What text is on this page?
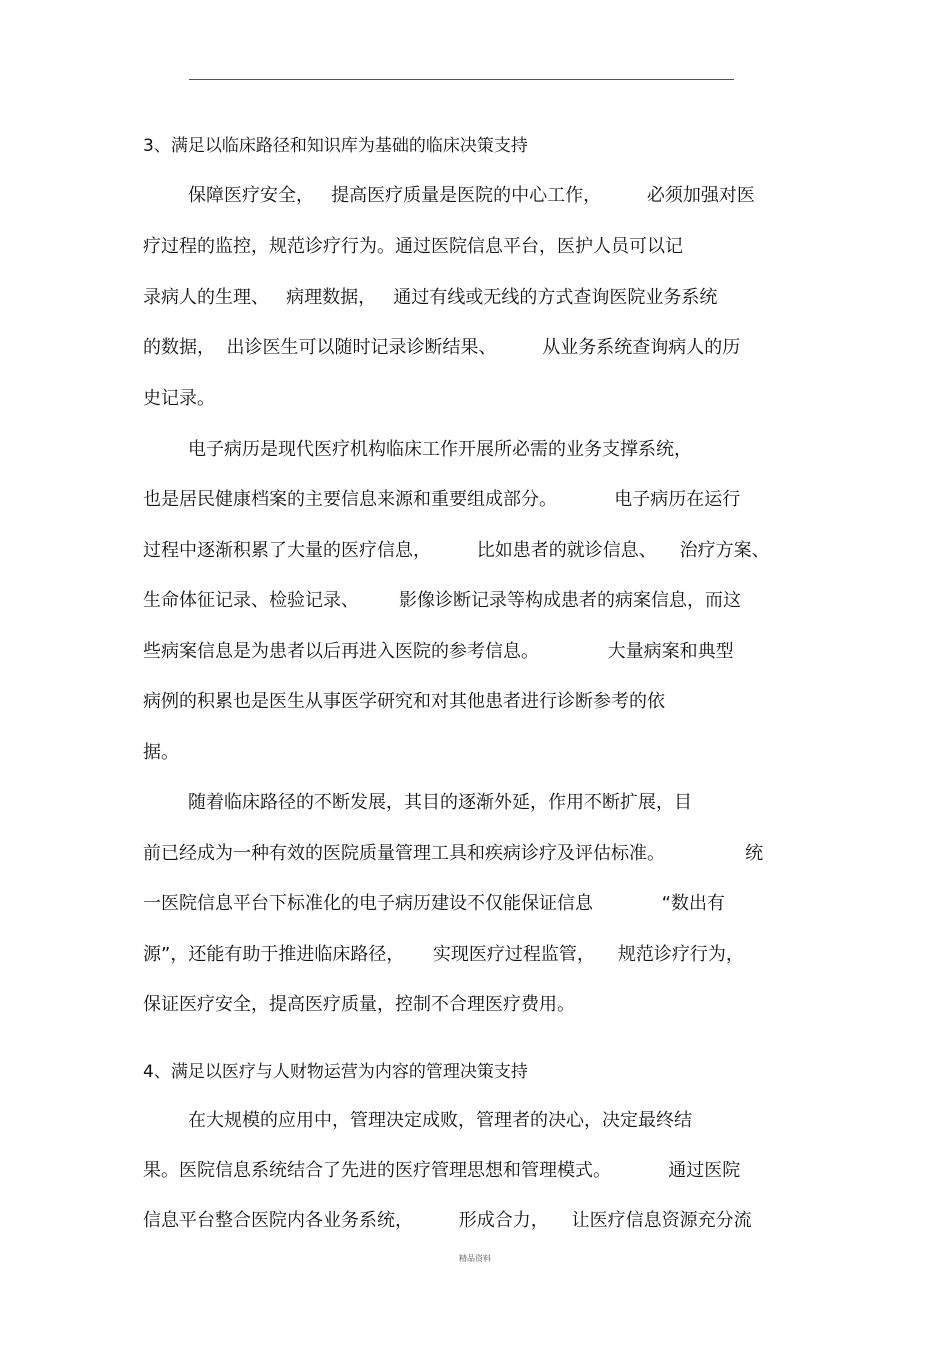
3、满足以临床路径和知识库为基础的临床决策支持

保障医疗安全，   提高医疗质量是医院的中心工作，        必须加强对医

疗过程的监控，规范诊疗行为。通过医院信息平台，医护人员可以记

录病人的生理、   病理数据，   通过有线或无线的方式查询医院业务系统

的数据，  出诊医生可以随时记录诊断结果、        从业务系统查询病人的历

史记录。

电子病历是现代医疗机构临床工作开展所必需的业务支撑系统，

也是居民健康档案的主要信息来源和重要组成部分。          电子病历在运行

过程中逐渐积累了大量的医疗信息，        比如患者的就诊信息、    治疗方案、

生命体征记录、检验记录、       影像诊断记录等构成患者的病案信息，而这

些病案信息是为患者以后再进入医院的参考信息。            大量病案和典型

病例的积累也是医生从事医学研究和对其他患者进行诊断参考的依

据。

随着临床路径的不断发展，其目的逐渐外延，作用不断扩展，目

前已经成为一种有效的医院质量管理工具和疾病诊疗及评估标准。              统

一医院信息平台下标准化的电子病历建设不仅能保证信息            “数出有

源”，还能有助于推进临床路径，     实现医疗过程监管，    规范诊疗行为，

保证医疗安全，提高医疗质量，控制不合理医疗费用。

4、满足以医疗与人财物运营为内容的管理决策支持

在大规模的应用中，管理决定成败，管理者的决心，决定最终结

果。医院信息系统结合了先进的医疗管理思想和管理模式。          通过医院

信息平台整合医院内各业务系统，        形成合力，    让医疗信息资源充分流

精品资料
